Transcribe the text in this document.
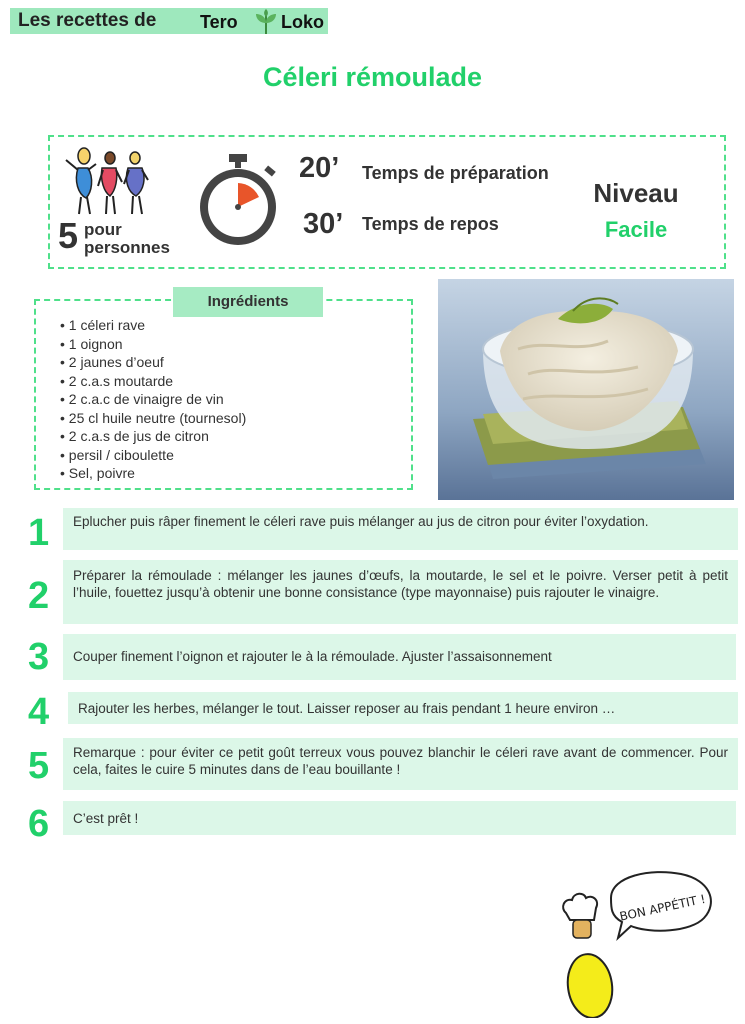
Les recettes de Tero Loko
Céleri rémoulade
5 pour
personnes
20’ Temps de préparation
30’ Temps de repos
Niveau
Facile
Ingrédients
• 1 céleri rave
• 1 oignon
• 2 jaunes d’oeuf
• 2 c.a.s moutarde
• 2 c.a.c de vinaigre de vin
• 25 cl huile neutre (tournesol)
• 2 c.a.s de jus de citron
• persil / ciboulette
• Sel, poivre
1	Eplucher puis râper finement le céleri rave puis mélanger au jus de citron pour éviter l’oxydation.
2	Préparer la rémoulade : mélanger les jaunes d’œufs, la moutarde, le sel et le poivre. Verser petit à petit l’huile, fouettez jusqu’à obtenir une bonne consistance (type mayonnaise) puis rajouter le vinaigre.
3	Couper finement l’oignon et rajouter le à la rémoulade. Ajuster l’assaisonnement
4	Rajouter les herbes, mélanger le tout. Laisser reposer au frais pendant 1 heure environ …
5	Remarque : pour éviter ce petit goût terreux vous pouvez blanchir le céleri rave avant de commencer. Pour cela, faites le cuire 5 minutes dans de l’eau bouillante !
6	C’est prêt !
BON APPÉTIT !
